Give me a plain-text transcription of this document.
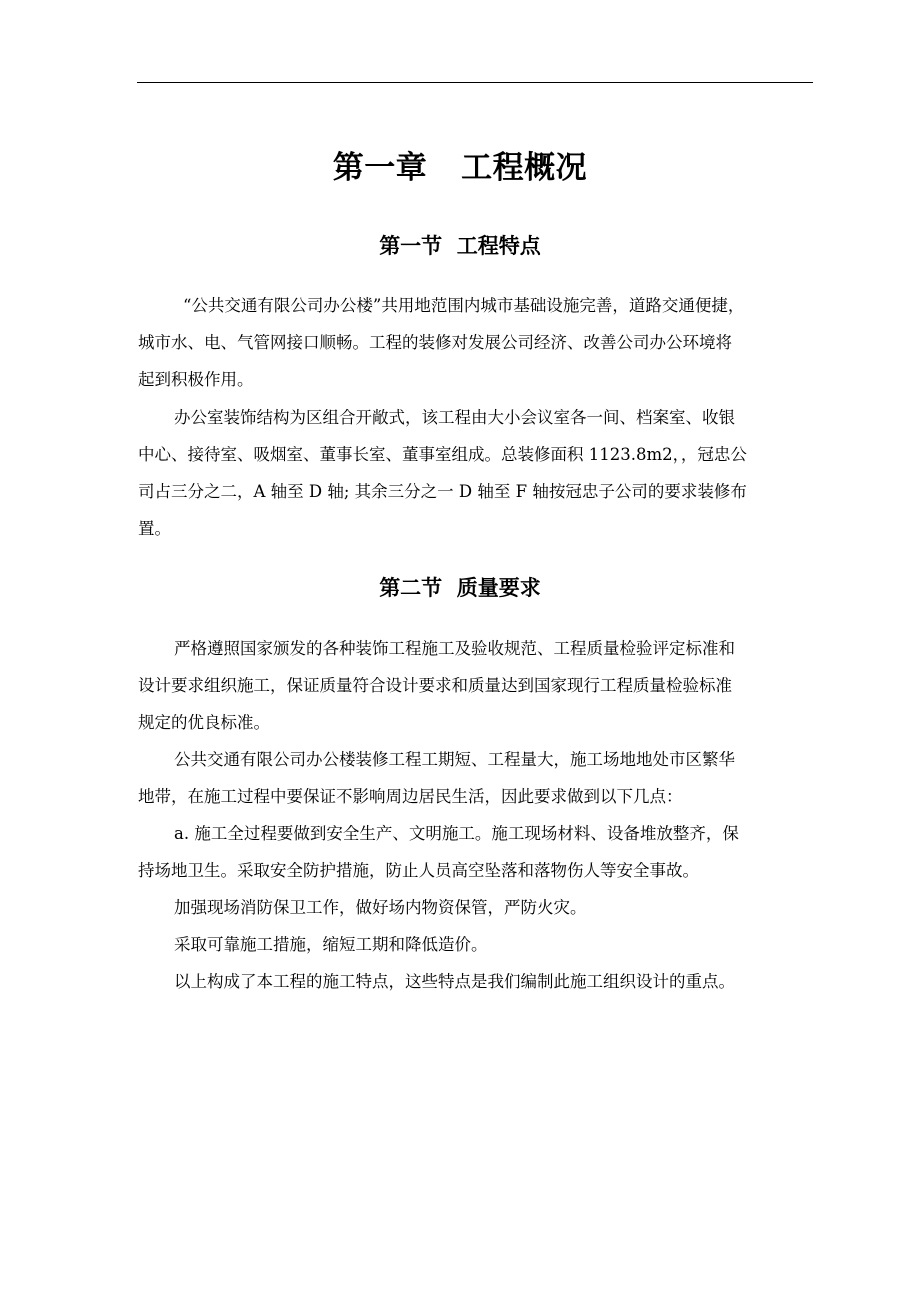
第一章   工程概况
第一节  工程特点
“公共交通有限公司办公楼”共用地范围内城市基础设施完善，道路交通便捷，
城市水、电、气管网接口顺畅。工程的装修对发展公司经济、改善公司办公环境将
起到积极作用。
办公室装饰结构为区组合开敞式，该工程由大小会议室各一间、档案室、收银
中心、接待室、吸烟室、董事长室、董事室组成。总装修面积 1123.8m2，，冠忠公
司占三分之二，A 轴至 D 轴; 其余三分之一 D 轴至 F 轴按冠忠子公司的要求装修布
置。
第二节  质量要求
严格遵照国家颁发的各种装饰工程施工及验收规范、工程质量检验评定标准和
设计要求组织施工，保证质量符合设计要求和质量达到国家现行工程质量检验标准
规定的优良标准。
公共交通有限公司办公楼装修工程工期短、工程量大，施工场地地处市区繁华
地带，在施工过程中要保证不影响周边居民生活，因此要求做到以下几点：
a. 施工全过程要做到安全生产、文明施工。施工现场材料、设备堆放整齐，保
持场地卫生。采取安全防护措施，防止人员高空坠落和落物伤人等安全事故。
加强现场消防保卫工作，做好场内物资保管，严防火灾。
采取可靠施工措施，缩短工期和降低造价。
以上构成了本工程的施工特点，这些特点是我们编制此施工组织设计的重点。
